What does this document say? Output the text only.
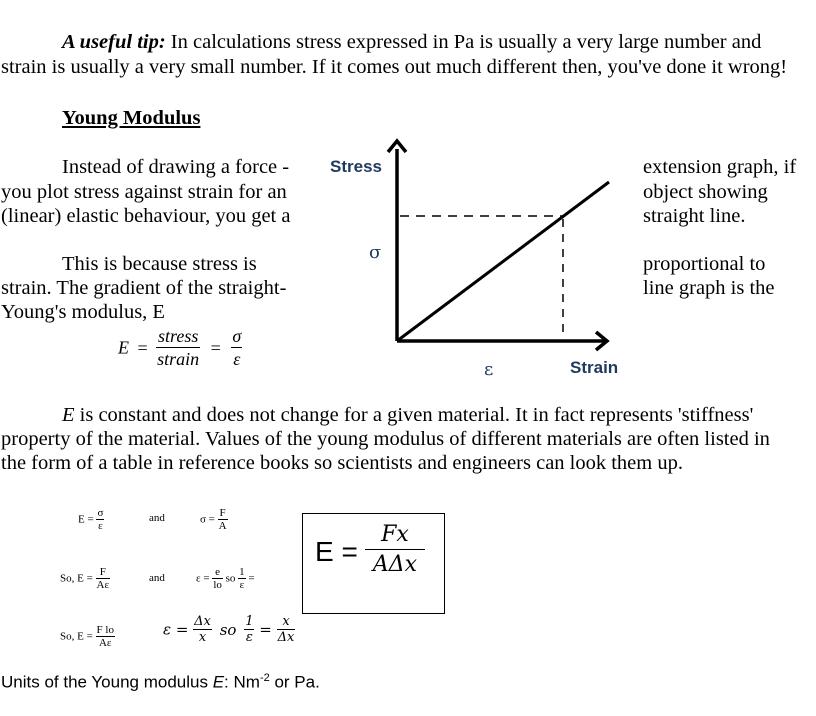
A useful tip: In calculations stress expressed in Pa is usually a very large number and
strain is usually a very small number. If it comes out much different then, you've done it wrong!
Young Modulus
Instead of drawing a force -
you plot stress against strain for an
(linear) elastic behaviour, you get a
extension graph, if
object showing
straight line.
This is because stress is
strain. The gradient of the straight-
Young's modulus, E
proportional to
line graph is the
$E = \frac{\text{stress}}{\text{strain}} = \frac{\sigma}{\varepsilon}$
Stress
Strain
σ
ε
E is constant and does not change for a given material. It in fact represents 'stiffness'
property of the material. Values of the young modulus of different materials are often listed in
the form of a table in reference books so scientists and engineers can look them up.
$E = \frac{\sigma}{\varepsilon}$	and	$\sigma = \frac{F}{A}$
So, $E = \frac{F}{A\varepsilon}$	and	$\varepsilon = \frac{e}{lo}$ so $\frac{1}{\varepsilon}$ =
So, $E = \frac{\text{F lo}}{A\varepsilon}$	$\varepsilon = \frac{\Delta x}{x}$ so $\frac{1}{\varepsilon} = \frac{x}{\Delta x}$
E =
Fx
AΔx
Units of the Young modulus E: $Nm^{-2}$ or Pa.
